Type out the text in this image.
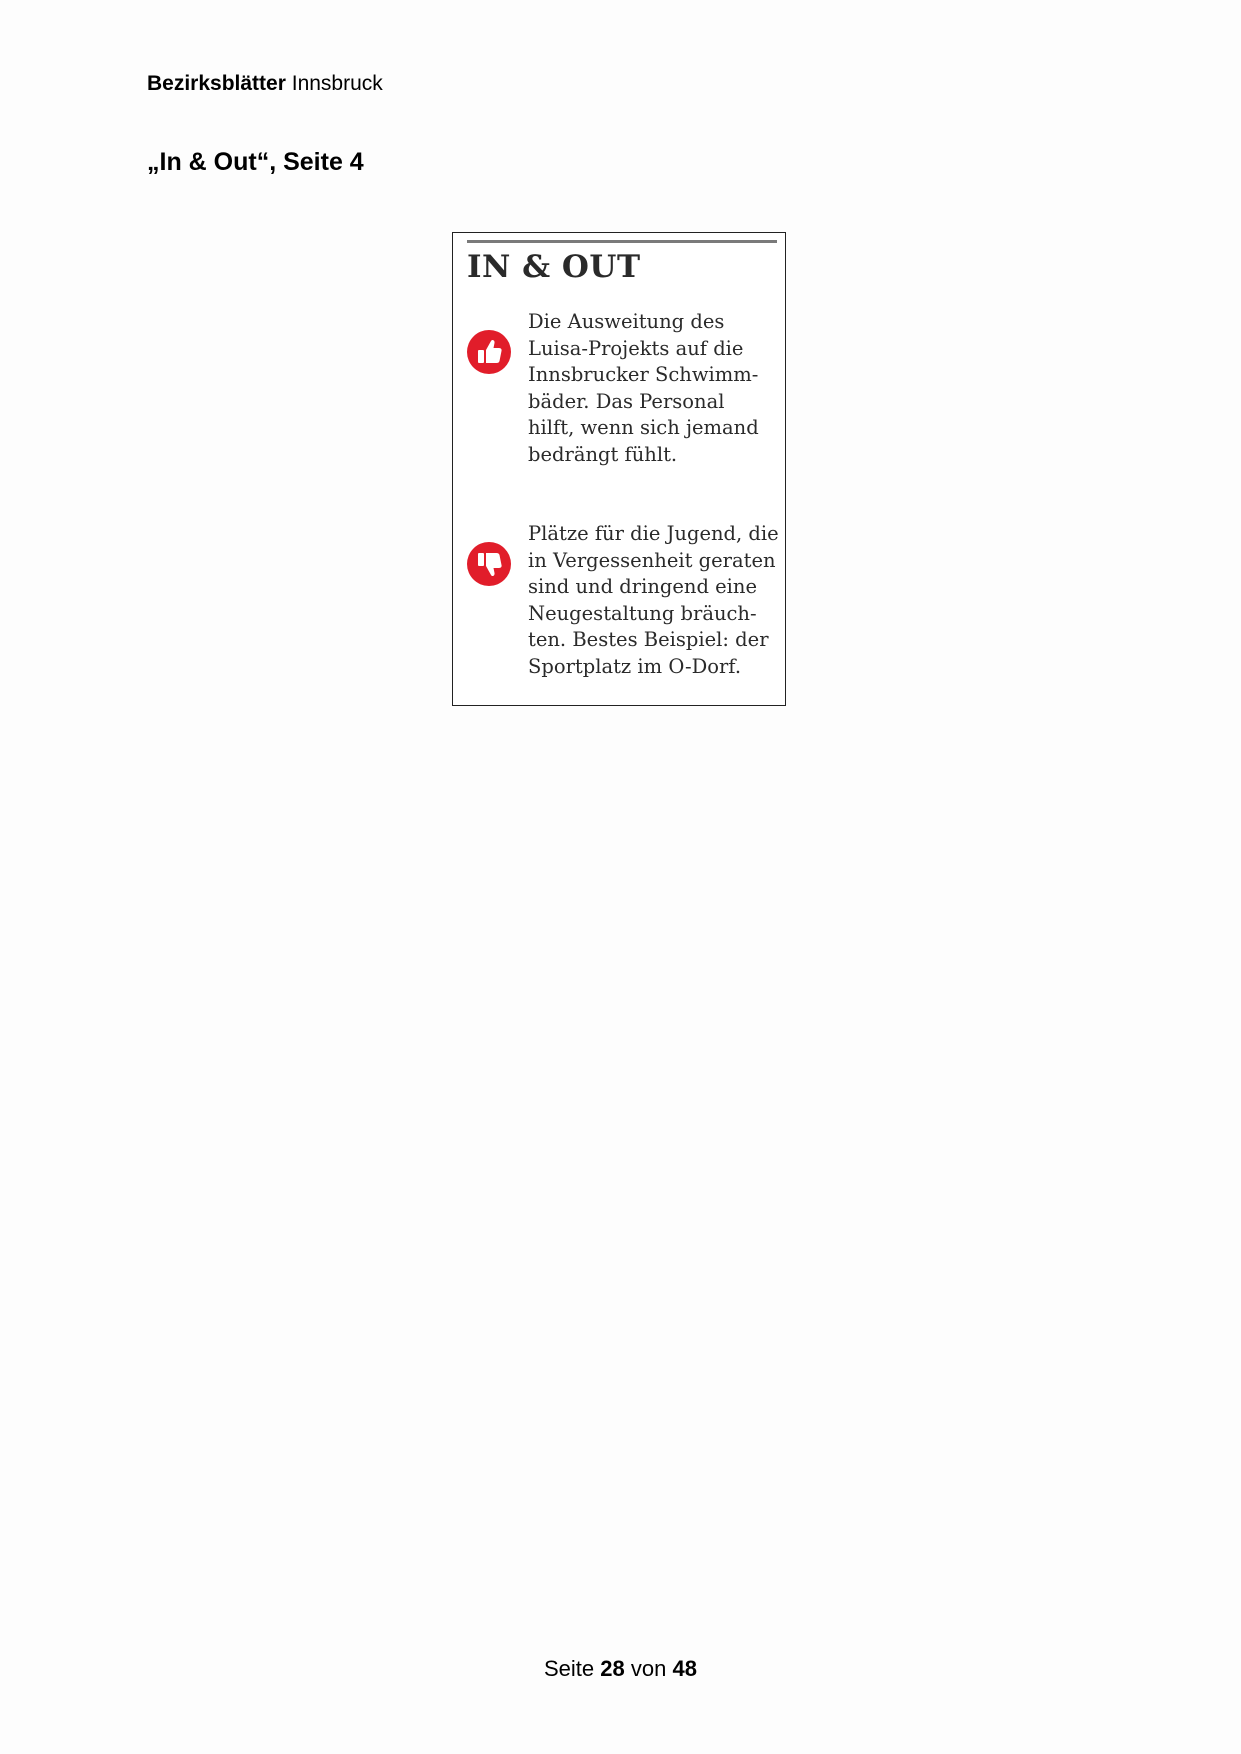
Bezirksblätter Innsbruck
„In & Out“, Seite 4
IN & OUT
Die Ausweitung des
Luisa-Projekts auf die
Innsbrucker Schwimm-
bäder. Das Personal
hilft, wenn sich jemand
bedrängt fühlt.
Plätze für die Jugend, die
in Vergessenheit geraten
sind und dringend eine
Neugestaltung bräuch-
ten. Bestes Beispiel: der
Sportplatz im O-Dorf.
Seite 28 von 48
